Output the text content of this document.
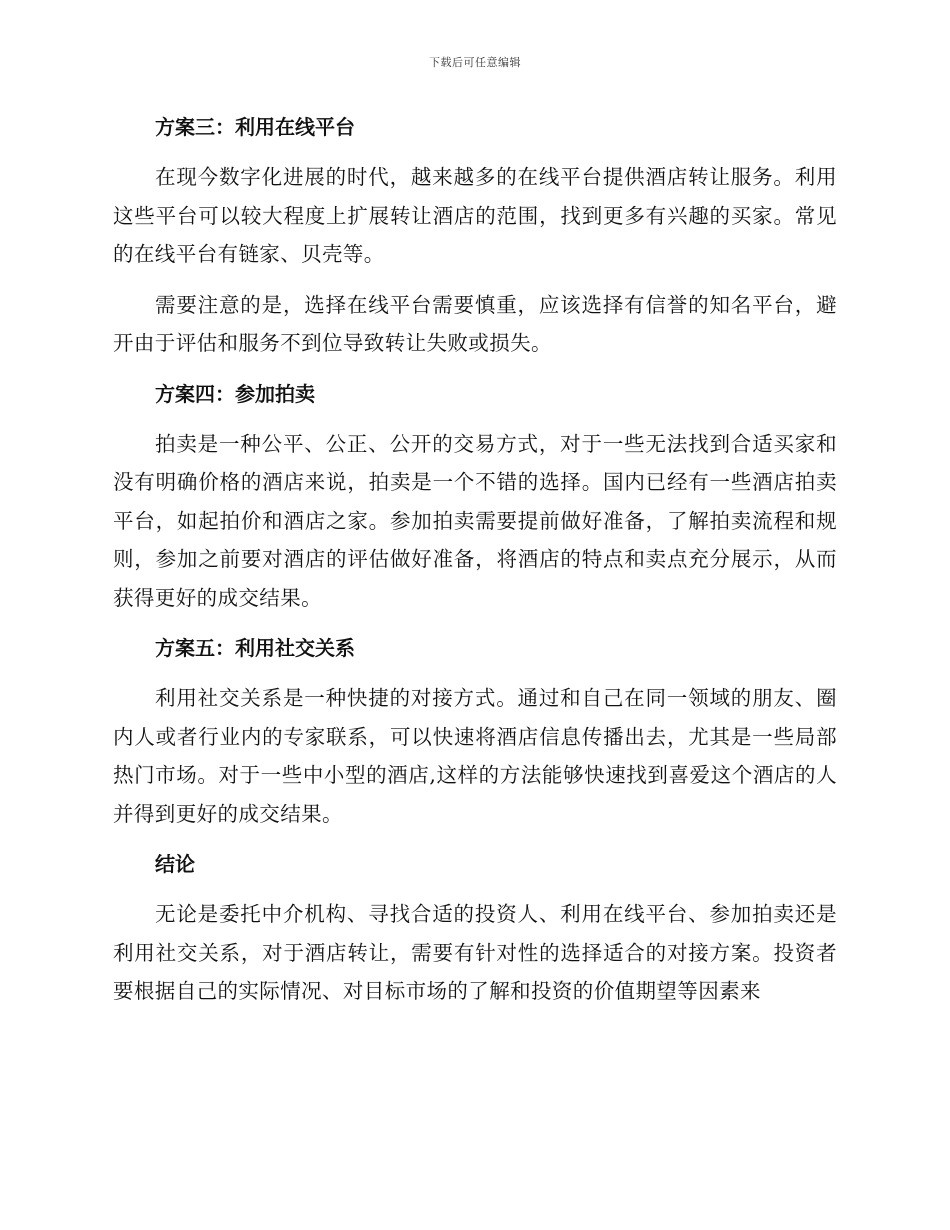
下载后可任意编辑
方案三：利用在线平台

在现今数字化进展的时代，越来越多的在线平台提供酒店转让服务。利用这些平台可以较大程度上扩展转让酒店的范围，找到更多有兴趣的买家。常见的在线平台有链家、贝壳等。

需要注意的是，选择在线平台需要慎重，应该选择有信誉的知名平台，避开由于评估和服务不到位导致转让失败或损失。

方案四：参加拍卖

拍卖是一种公平、公正、公开的交易方式，对于一些无法找到合适买家和没有明确价格的酒店来说，拍卖是一个不错的选择。国内已经有一些酒店拍卖平台，如起拍价和酒店之家。参加拍卖需要提前做好准备，了解拍卖流程和规则，参加之前要对酒店的评估做好准备，将酒店的特点和卖点充分展示，从而获得更好的成交结果。

方案五：利用社交关系

利用社交关系是一种快捷的对接方式。通过和自己在同一领域的朋友、圈内人或者行业内的专家联系，可以快速将酒店信息传播出去，尤其是一些局部热门市场。对于一些中小型的酒店,这样的方法能够快速找到喜爱这个酒店的人并得到更好的成交结果。

结论

无论是委托中介机构、寻找合适的投资人、利用在线平台、参加拍卖还是利用社交关系，对于酒店转让，需要有针对性的选择适合的对接方案。投资者要根据自己的实际情况、对目标市场的了解和投资的价值期望等因素来
